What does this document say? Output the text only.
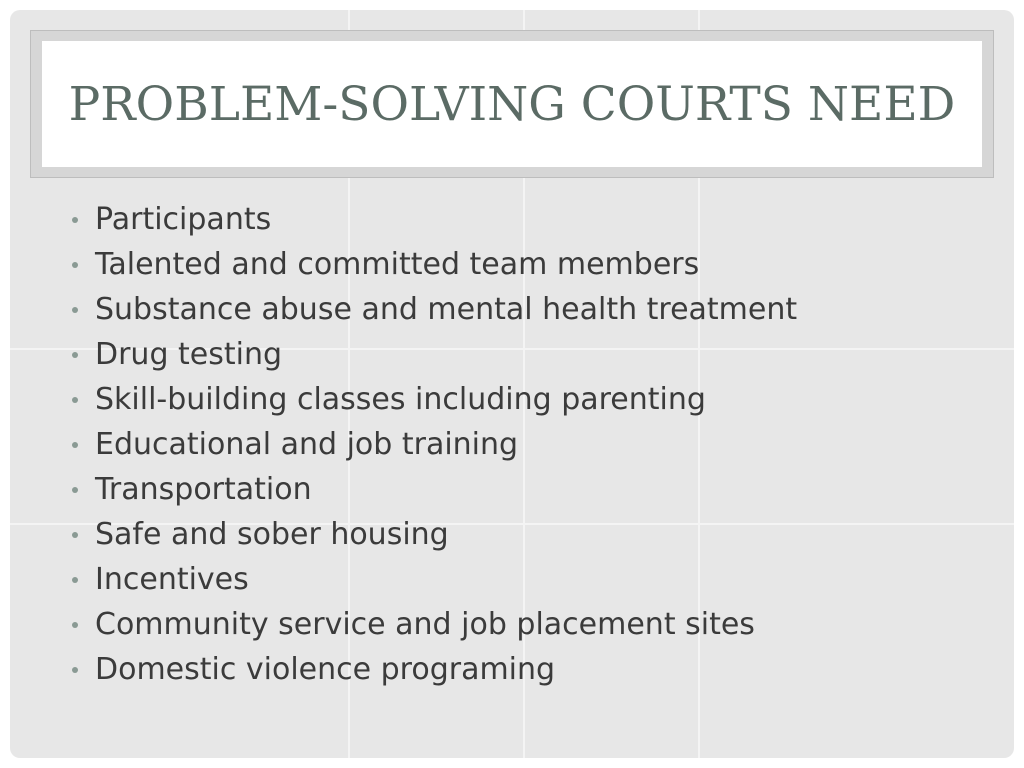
PROBLEM-SOLVING COURTS NEED
Participants
Talented and committed team members
Substance abuse and mental health treatment
Drug testing
Skill-building classes including parenting
Educational and job training
Transportation
Safe and sober housing
Incentives
Community service and job placement sites
Domestic violence programing
